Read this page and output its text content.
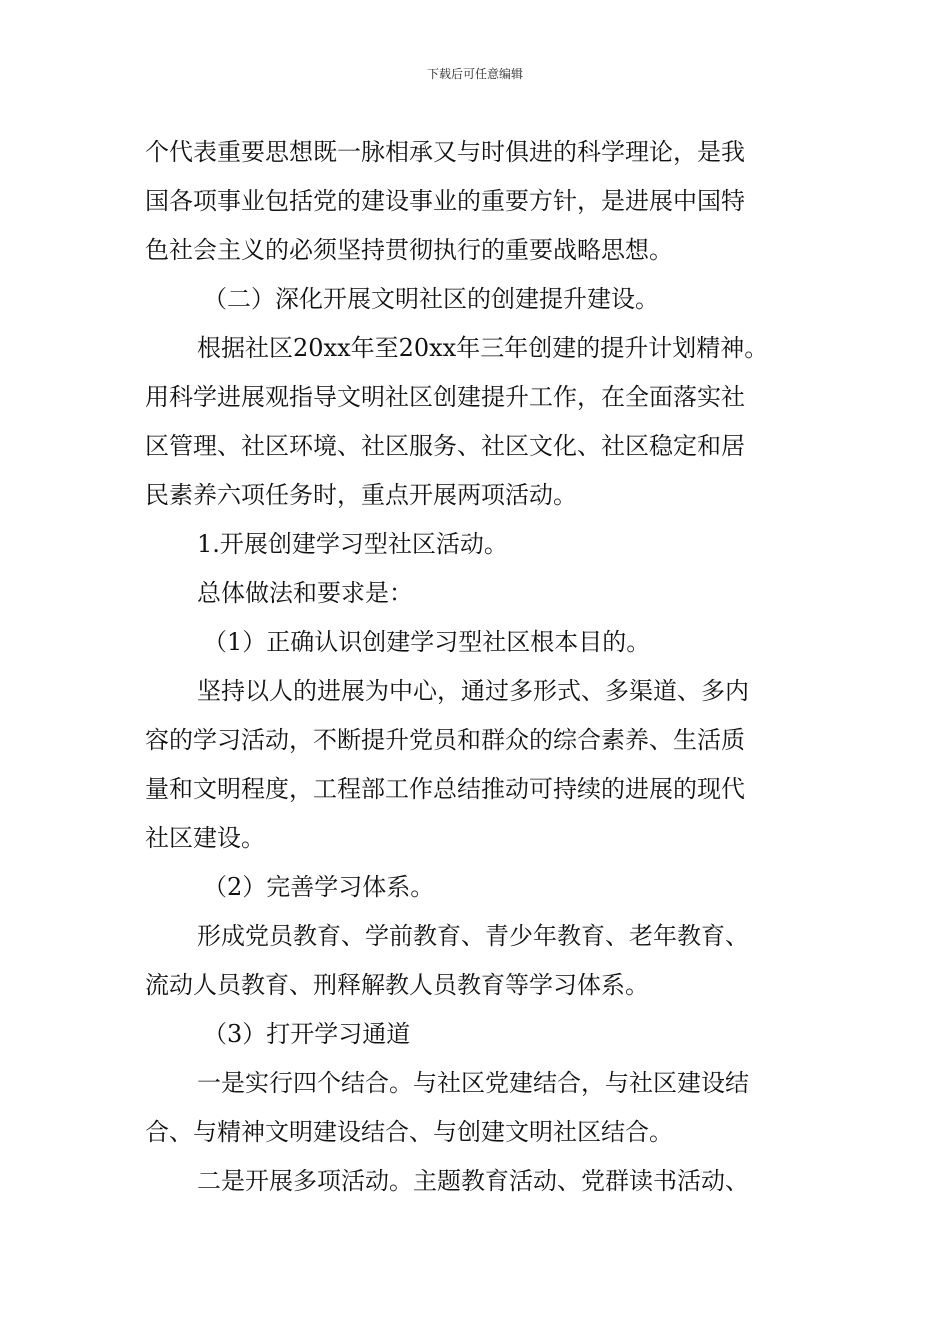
下载后可任意编辑
个代表重要思想既一脉相承又与时俱进的科学理论，是我
国各项事业包括党的建设事业的重要方针，是进展中国特
色社会主义的必须坚持贯彻执行的重要战略思想。
（二）深化开展文明社区的创建提升建设。
根据社区20xx年至20xx年三年创建的提升计划精神。
用科学进展观指导文明社区创建提升工作，在全面落实社
区管理、社区环境、社区服务、社区文化、社区稳定和居
民素养六项任务时，重点开展两项活动。
1.开展创建学习型社区活动。
总体做法和要求是：
（1）正确认识创建学习型社区根本目的。
坚持以人的进展为中心，通过多形式、多渠道、多内
容的学习活动，不断提升党员和群众的综合素养、生活质
量和文明程度，工程部工作总结推动可持续的进展的现代
社区建设。
（2）完善学习体系。
形成党员教育、学前教育、青少年教育、老年教育、
流动人员教育、刑释解教人员教育等学习体系。
（3）打开学习通道
一是实行四个结合。与社区党建结合，与社区建设结
合、与精神文明建设结合、与创建文明社区结合。
二是开展多项活动。主题教育活动、党群读书活动、
